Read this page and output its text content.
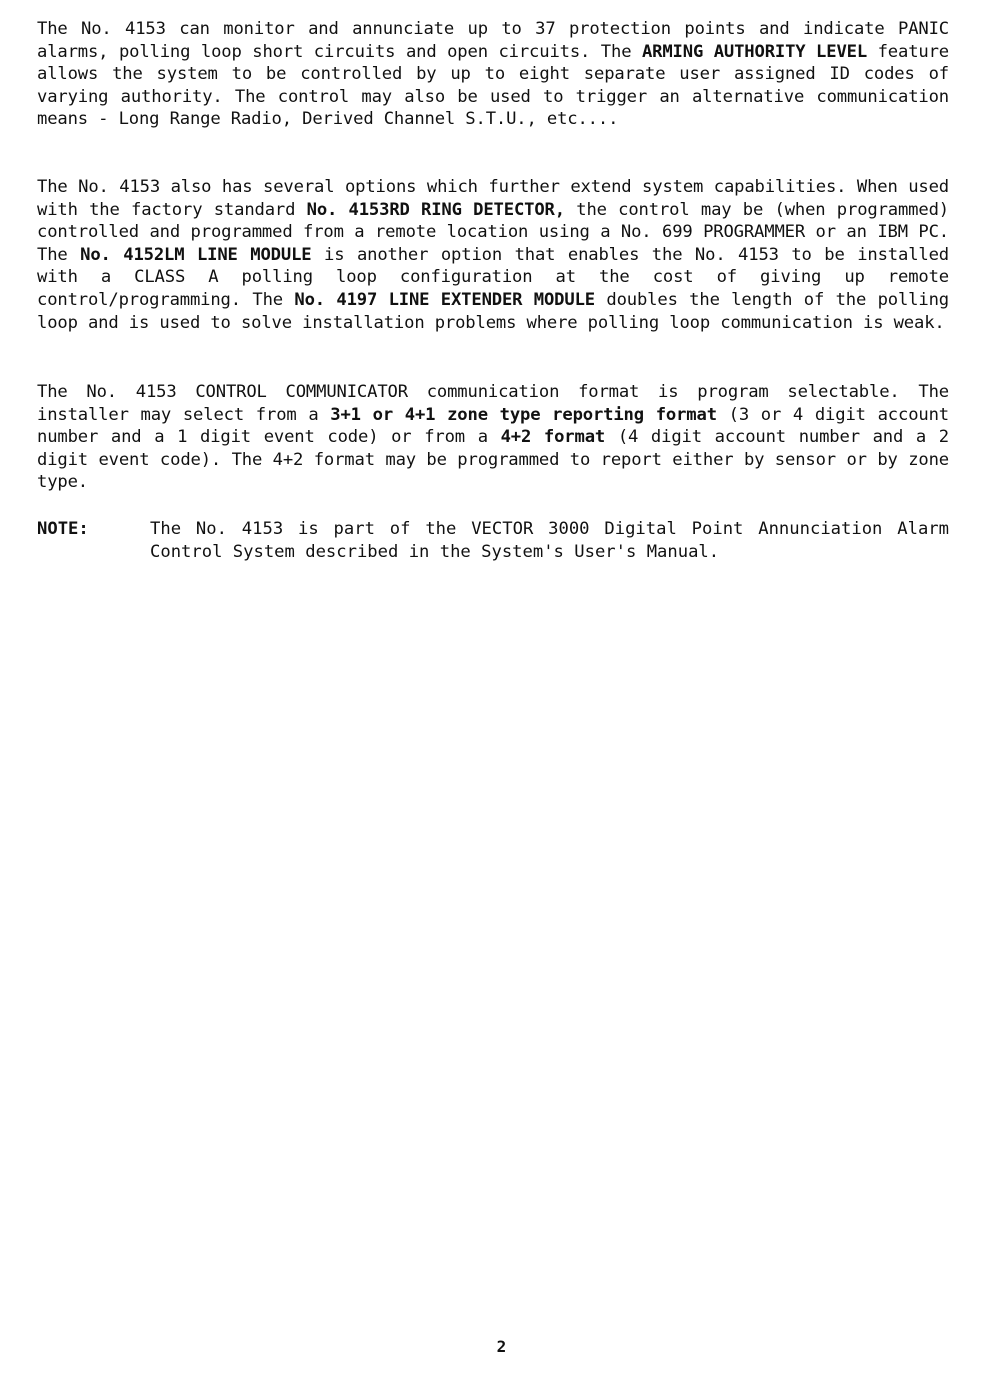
The No. 4153 can monitor and annunciate up to 37 protection points and indicate PANIC alarms, polling loop short circuits and open circuits. The ARMING AUTHORITY LEVEL feature allows the system to be controlled by up to eight separate user assigned ID codes of varying authority. The control may also be used to trigger an alternative communication means - Long Range Radio, Derived Channel S.T.U., etc....

The No. 4153 also has several options which further extend system capabilities. When used with the factory standard No. 4153RD RING DETECTOR, the control may be (when programmed) controlled and programmed from a remote location using a No. 699 PROGRAMMER or an IBM PC. The No. 4152LM LINE MODULE is another option that enables the No. 4153 to be installed with a CLASS A polling loop configuration at the cost of giving up remote control/programming. The No. 4197 LINE EXTENDER MODULE doubles the length of the polling loop and is used to solve installation problems where polling loop communication is weak.

The No. 4153 CONTROL COMMUNICATOR communication format is program selectable. The installer may select from a 3+1 or 4+1 zone type reporting format (3 or 4 digit account number and a 1 digit event code) or from a 4+2 format (4 digit account number and a 2 digit event code). The 4+2 format may be programmed to report either by sensor or by zone type.

NOTE:	The No. 4153 is part of the VECTOR 3000 Digital Point Annunciation Alarm Control System described in the System's User's Manual.
2
